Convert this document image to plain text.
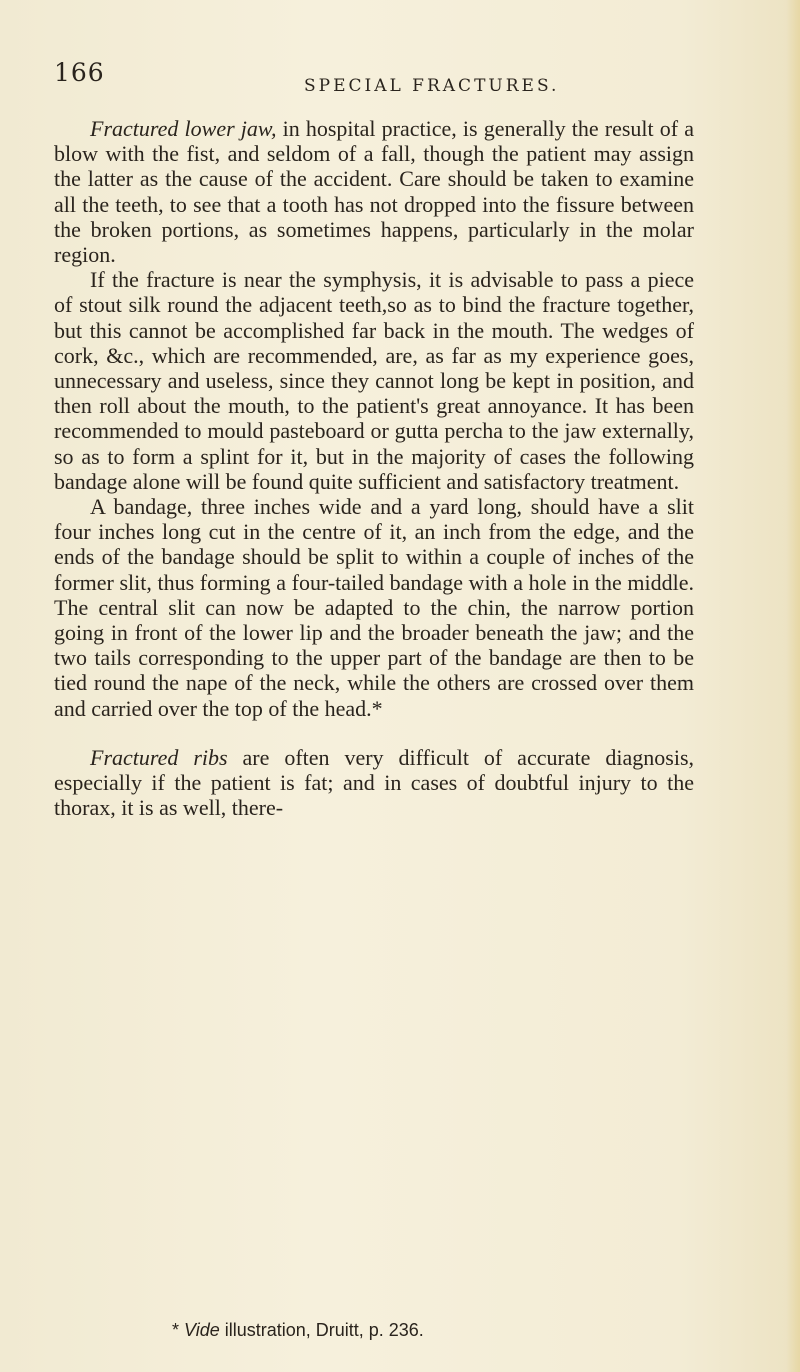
166	SPECIAL FRACTURES.

Fractured lower jaw, in hospital practice, is generally the result of a blow with the fist, and seldom of a fall, though the patient may assign the latter as the cause of the accident. Care should be taken to examine all the teeth, to see that a tooth has not dropped into the fissure between the broken portions, as sometimes happens, particularly in the molar region.

If the fracture is near the symphysis, it is advisable to pass a piece of stout silk round the adjacent teeth,so as to bind the fracture together, but this cannot be accomplished far back in the mouth. The wedges of cork, &c., which are recommended, are, as far as my experience goes, unnecessary and useless, since they cannot long be kept in position, and then roll about the mouth, to the patient's great annoyance. It has been recommended to mould pasteboard or gutta percha to the jaw externally, so as to form a splint for it, but in the majority of cases the following bandage alone will be found quite sufficient and satisfactory treatment.

A bandage, three inches wide and a yard long, should have a slit four inches long cut in the centre of it, an inch from the edge, and the ends of the bandage should be split to within a couple of inches of the former slit, thus forming a four-tailed bandage with a hole in the middle. The central slit can now be adapted to the chin, the narrow portion going in front of the lower lip and the broader beneath the jaw; and the two tails corresponding to the upper part of the bandage are then to be tied round the nape of the neck, while the others are crossed over them and carried over the top of the head.*

Fractured ribs are often very difficult of accurate diagnosis, especially if the patient is fat; and in cases of doubtful injury to the thorax, it is as well, there-

* Vide illustration, Druitt, p. 236.
